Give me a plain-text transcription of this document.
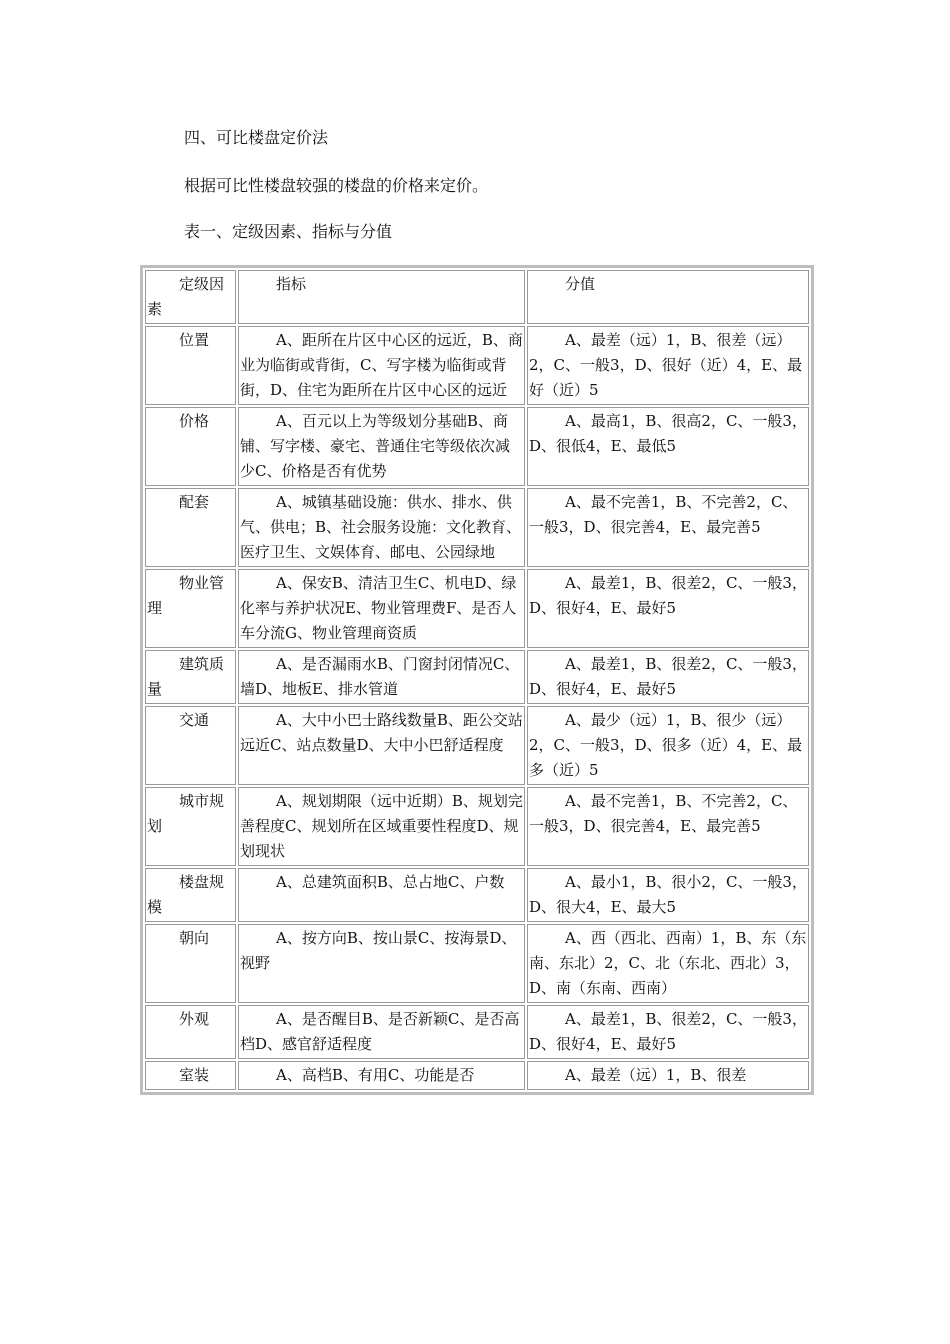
四、可比楼盘定价法

根据可比性楼盘较强的楼盘的价格来定价。

表一、定级因素、指标与分值

定级因素	指标	分值
位置	A、距所在片区中心区的远近，B、商业为临街或背街，C、写字楼为临街或背街，D、住宅为距所在片区中心区的远近	A、最差（远）1，B、很差（远）2，C、一般3，D、很好（近）4，E、最好（近）5
价格	A、百元以上为等级划分基础B、商铺、写字楼、豪宅、普通住宅等级依次减少C、价格是否有优势	A、最高1，B、很高2，C、一般3，D、很低4，E、最低5
配套	A、城镇基础设施：供水、排水、供气、供电；B、社会服务设施：文化教育、医疗卫生、文娱体育、邮电、公园绿地	A、最不完善1，B、不完善2，C、一般3，D、很完善4，E、最完善5
物业管理	A、保安B、清洁卫生C、机电D、绿化率与养护状况E、物业管理费F、是否人车分流G、物业管理商资质	A、最差1，B、很差2，C、一般3，D、很好4，E、最好5
建筑质量	A、是否漏雨水B、门窗封闭情况C、墙D、地板E、排水管道	A、最差1，B、很差2，C、一般3，D、很好4，E、最好5
交通	A、大中小巴士路线数量B、距公交站远近C、站点数量D、大中小巴舒适程度	A、最少（远）1，B、很少（远）2，C、一般3，D、很多（近）4，E、最多（近）5
城市规划	A、规划期限（远中近期）B、规划完善程度C、规划所在区域重要性程度D、规划现状	A、最不完善1，B、不完善2，C、一般3，D、很完善4，E、最完善5
楼盘规模	A、总建筑面积B、总占地C、户数	A、最小1，B、很小2，C、一般3，D、很大4，E、最大5
朝向	A、按方向B、按山景C、按海景D、视野	A、西（西北、西南）1，B、东（东南、东北）2，C、北（东北、西北）3，D、南（东南、西南）
外观	A、是否醒目B、是否新颖C、是否高档D、感官舒适程度	A、最差1，B、很差2，C、一般3，D、很好4，E、最好5
室装	A、高档B、有用C、功能是否	A、最差（远）1，B、很差
